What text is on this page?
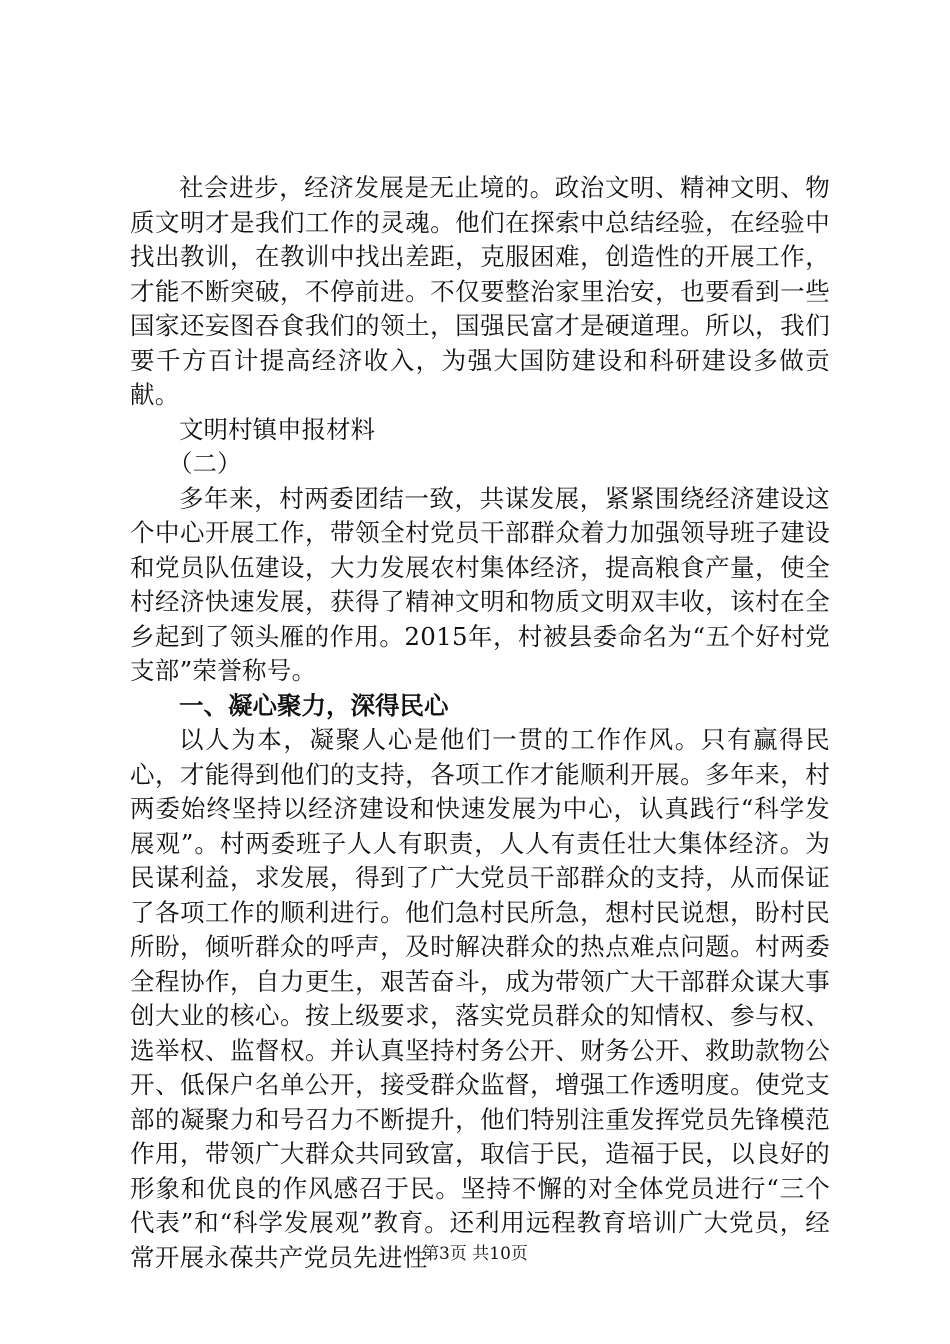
社会进步，经济发展是无止境的。政治文明、精神文明、物质文明才是我们工作的灵魂。他们在探索中总结经验，在经验中找出教训，在教训中找出差距，克服困难，创造性的开展工作，才能不断突破，不停前进。不仅要整治家里治安，也要看到一些国家还妄图吞食我们的领土，国强民富才是硬道理。所以，我们要千方百计提高经济收入，为强大国防建设和科研建设多做贡献。

文明村镇申报材料

（二）

多年来，村两委团结一致，共谋发展，紧紧围绕经济建设这个中心开展工作，带领全村党员干部群众着力加强领导班子建设和党员队伍建设，大力发展农村集体经济，提高粮食产量，使全村经济快速发展，获得了精神文明和物质文明双丰收，该村在全乡起到了领头雁的作用。2015年，村被县委命名为“五个好村党支部”荣誉称号。

一、凝心聚力，深得民心

以人为本，凝聚人心是他们一贯的工作作风。只有赢得民心，才能得到他们的支持，各项工作才能顺利开展。多年来，村两委始终坚持以经济建设和快速发展为中心，认真践行“科学发展观”。村两委班子人人有职责，人人有责任壮大集体经济。为民谋利益，求发展，得到了广大党员干部群众的支持，从而保证了各项工作的顺利进行。他们急村民所急，想村民说想，盼村民所盼，倾听群众的呼声，及时解决群众的热点难点问题。村两委全程协作，自力更生，艰苦奋斗，成为带领广大干部群众谋大事创大业的核心。按上级要求，落实党员群众的知情权、参与权、选举权、监督权。并认真坚持村务公开、财务公开、救助款物公开、低保户名单公开，接受群众监督，增强工作透明度。使党支部的凝聚力和号召力不断提升，他们特别注重发挥党员先锋模范作用，带领广大群众共同致富，取信于民，造福于民，以良好的形象和优良的作风感召于民。坚持不懈的对全体党员进行“三个代表”和“科学发展观”教育。还利用远程教育培训广大党员，经常开展永葆共产党员先进性

第3页 共10页
